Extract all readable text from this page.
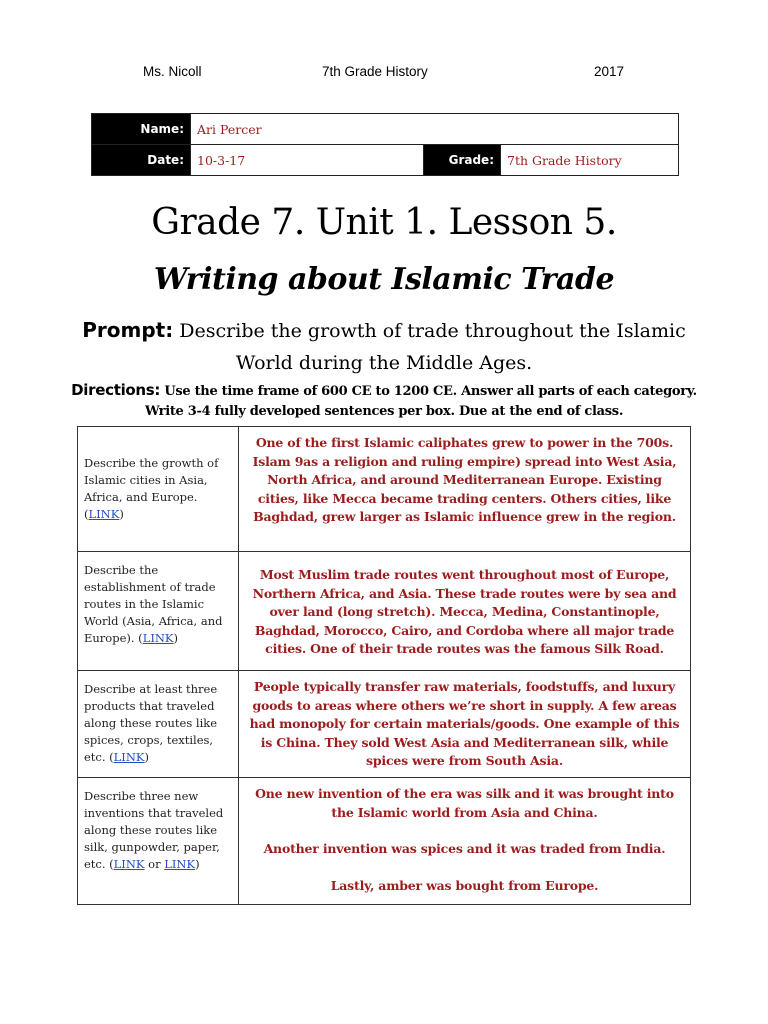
Ms. Nicoll	7th Grade History	2017
Name:	Ari Percer		
Date:	10-3-17	Grade:	7th Grade History
Grade 7. Unit 1. Lesson 5.
Writing about Islamic Trade
Prompt: Describe the growth of trade throughout the Islamic World during the Middle Ages.
Directions: Use the time frame of 600 CE to 1200 CE. Answer all parts of each category. Write 3-4 fully developed sentences per box. Due at the end of class.
Describe the growth of Islamic cities in Asia, Africa, and Europe. (LINK)	One of the first Islamic caliphates grew to power in the 700s. Islam 9as a religion and ruling empire) spread into West Asia, North Africa, and around Mediterranean Europe. Existing cities, like Mecca became trading centers. Others cities, like Baghdad, grew larger as Islamic influence grew in the region.

Describe the establishment of trade routes in the Islamic World (Asia, Africa, and Europe). (LINK)	Most Muslim trade routes went throughout most of Europe, Northern Africa, and Asia. These trade routes were by sea and over land (long stretch). Mecca, Medina, Constantinople, Baghdad, Morocco, Cairo, and Cordoba where all major trade cities. One of their trade routes was the famous Silk Road.

Describe at least three products that traveled along these routes like spices, crops, textiles, etc. (LINK)	People typically transfer raw materials, foodstuffs, and luxury goods to areas where others we’re short in supply. A few areas had monopoly for certain materials/goods. One example of this is China. They sold West Asia and Mediterranean silk, while spices were from South Asia.

Describe three new inventions that traveled along these routes like silk, gunpowder, paper, etc. (LINK or LINK)	One new invention of the era was silk and it was brought into the Islamic world from Asia and China.

Another invention was spices and it was traded from India.

Lastly, amber was bought from Europe.
